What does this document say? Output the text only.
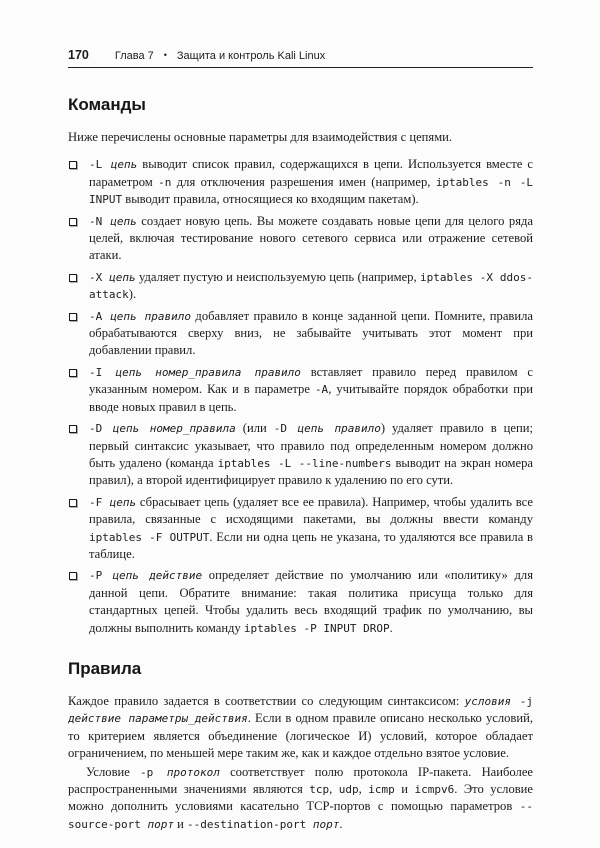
170 Глава 7 • Защита и контроль Kali Linux
Команды

Ниже перечислены основные параметры для взаимодействия с цепями.

-L цепь выводит список правил, содержащихся в цепи. Используется вместе с параметром -n для отключения разрешения имен (например, iptables -n -L INPUT выводит правила, относящиеся ко входящим пакетам).
-N цепь создает новую цепь. Вы можете создавать новые цепи для целого ряда целей, включая тестирование нового сетевого сервиса или отражение сетевой атаки.
-X цепь удаляет пустую и неиспользуемую цепь (например, iptables -X ddos-attack).
-A цепь правило добавляет правило в конце заданной цепи. Помните, правила обрабатываются сверху вниз, не забывайте учитывать этот момент при добавлении правил.
-I цепь номер_правила правило вставляет правило перед правилом с указанным номером. Как и в параметре -A, учитывайте порядок обработки при вводе новых правил в цепь.
-D цепь номер_правила (или -D цепь правило) удаляет правило в цепи; первый синтаксис указывает, что правило под определенным номером должно быть удалено (команда iptables -L --line-numbers выводит на экран номера правил), а второй идентифицирует правило к удалению по его сути.
-F цепь сбрасывает цепь (удаляет все ее правила). Например, чтобы удалить все правила, связанные с исходящими пакетами, вы должны ввести команду iptables -F OUTPUT. Если ни одна цепь не указана, то удаляются все правила в таблице.
-P цепь действие определяет действие по умолчанию или «политику» для данной цепи. Обратите внимание: такая политика присуща только для стандартных цепей. Чтобы удалить весь входящий трафик по умолчанию, вы должны выполнить команду iptables -P INPUT DROP.
Правила

Каждое правило задается в соответствии со следующим синтаксисом: условия -j действие параметры_действия. Если в одном правиле описано несколько условий, то критерием является объединение (логическое И) условий, которое обладает ограничением, по меньшей мере таким же, как и каждое отдельно взятое условие.

Условие -p протокол соответствует полю протокола IP-пакета. Наиболее распространенными значениями являются tcp, udp, icmp и icmpv6. Это условие можно дополнить условиями касательно TCP-портов с помощью параметров --source-port порт и --destination-port порт.
